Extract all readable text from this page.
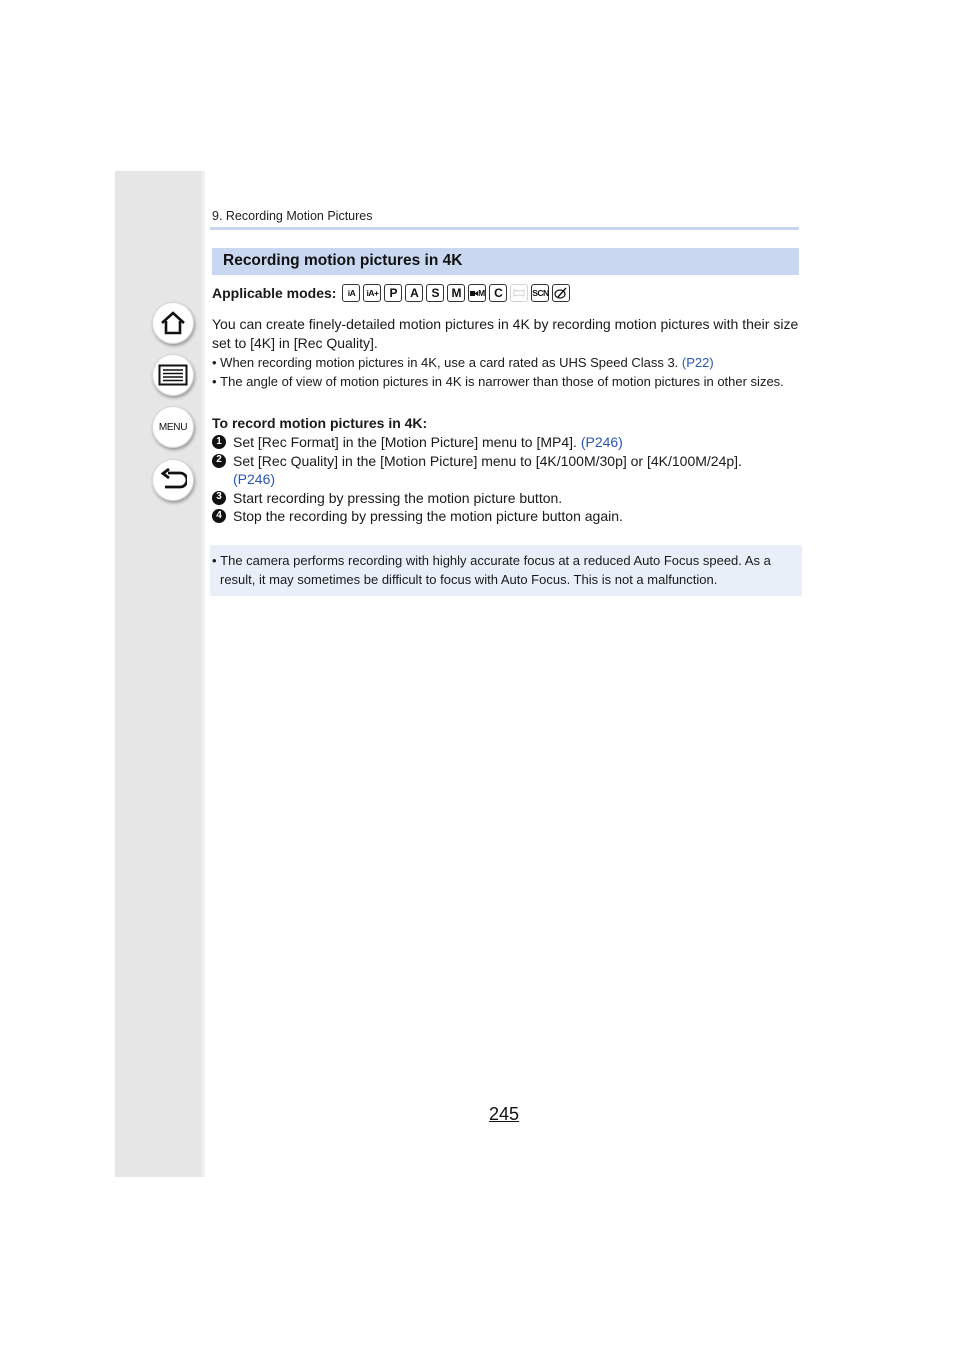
MENU
9. Recording Motion Pictures
Recording motion pictures in 4K
Applicable modes:	iA	iA+ P	A	S	M	M C	SCN
You can create finely-detailed motion pictures in 4K by recording motion pictures with their size set to [4K] in [Rec Quality].
• When recording motion pictures in 4K, use a card rated as UHS Speed Class 3. (P22)
• The angle of view of motion pictures in 4K is narrower than those of motion pictures in other sizes.
To record motion pictures in 4K:
1 Set [Rec Format] in the [Motion Picture] menu to [MP4]. (P246)
2 Set [Rec Quality] in the [Motion Picture] menu to [4K/100M/30p] or [4K/100M/24p].
(P246)
3 Start recording by pressing the motion picture button.
4 Stop the recording by pressing the motion picture button again.
• The camera performs recording with highly accurate focus at a reduced Auto Focus speed. As a result, it may sometimes be difficult to focus with Auto Focus. This is not a malfunction.
245
